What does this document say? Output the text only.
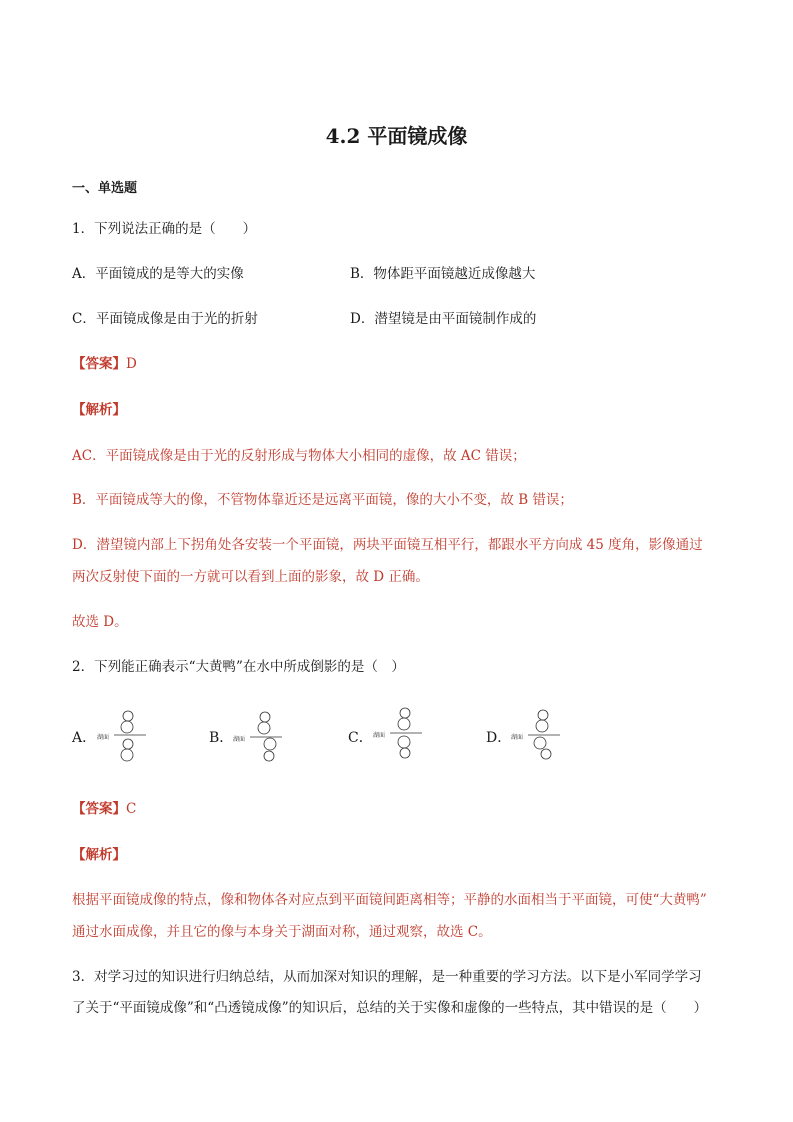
4.2 平面镜成像
一、单选题
1．下列说法正确的是（　　）
A．平面镜成的是等大的实像	B．物体距平面镜越近成像越大
C．平面镜成像是由于光的折射	D．潜望镜是由平面镜制作成的
【答案】D
【解析】
AC．平面镜成像是由于光的反射形成与物体大小相同的虚像，故 AC 错误；
B．平面镜成等大的像，不管物体靠近还是远离平面镜，像的大小不变，故 B 错误；
D．潜望镜内部上下拐角处各安装一个平面镜，两块平面镜互相平行，都跟水平方向成 45 度角，影像通过
两次反射使下面的一方就可以看到上面的影象，故 D 正确。
故选 D。
2．下列能正确表示“大黄鸭”在水中所成倒影的是（　）
A．	B．	C．	D．
湖面	湖面
湖面	湖面
【答案】C
【解析】
根据平面镜成像的特点，像和物体各对应点到平面镜间距离相等；平静的水面相当于平面镜，可使“大黄鸭”
通过水面成像，并且它的像与本身关于湖面对称，通过观察，故选 C。
3．对学习过的知识进行归纳总结，从而加深对知识的理解，是一种重要的学习方法。以下是小军同学学习
了关于“平面镜成像”和“凸透镜成像”的知识后，总结的关于实像和虚像的一些特点，其中错误的是（　　）
